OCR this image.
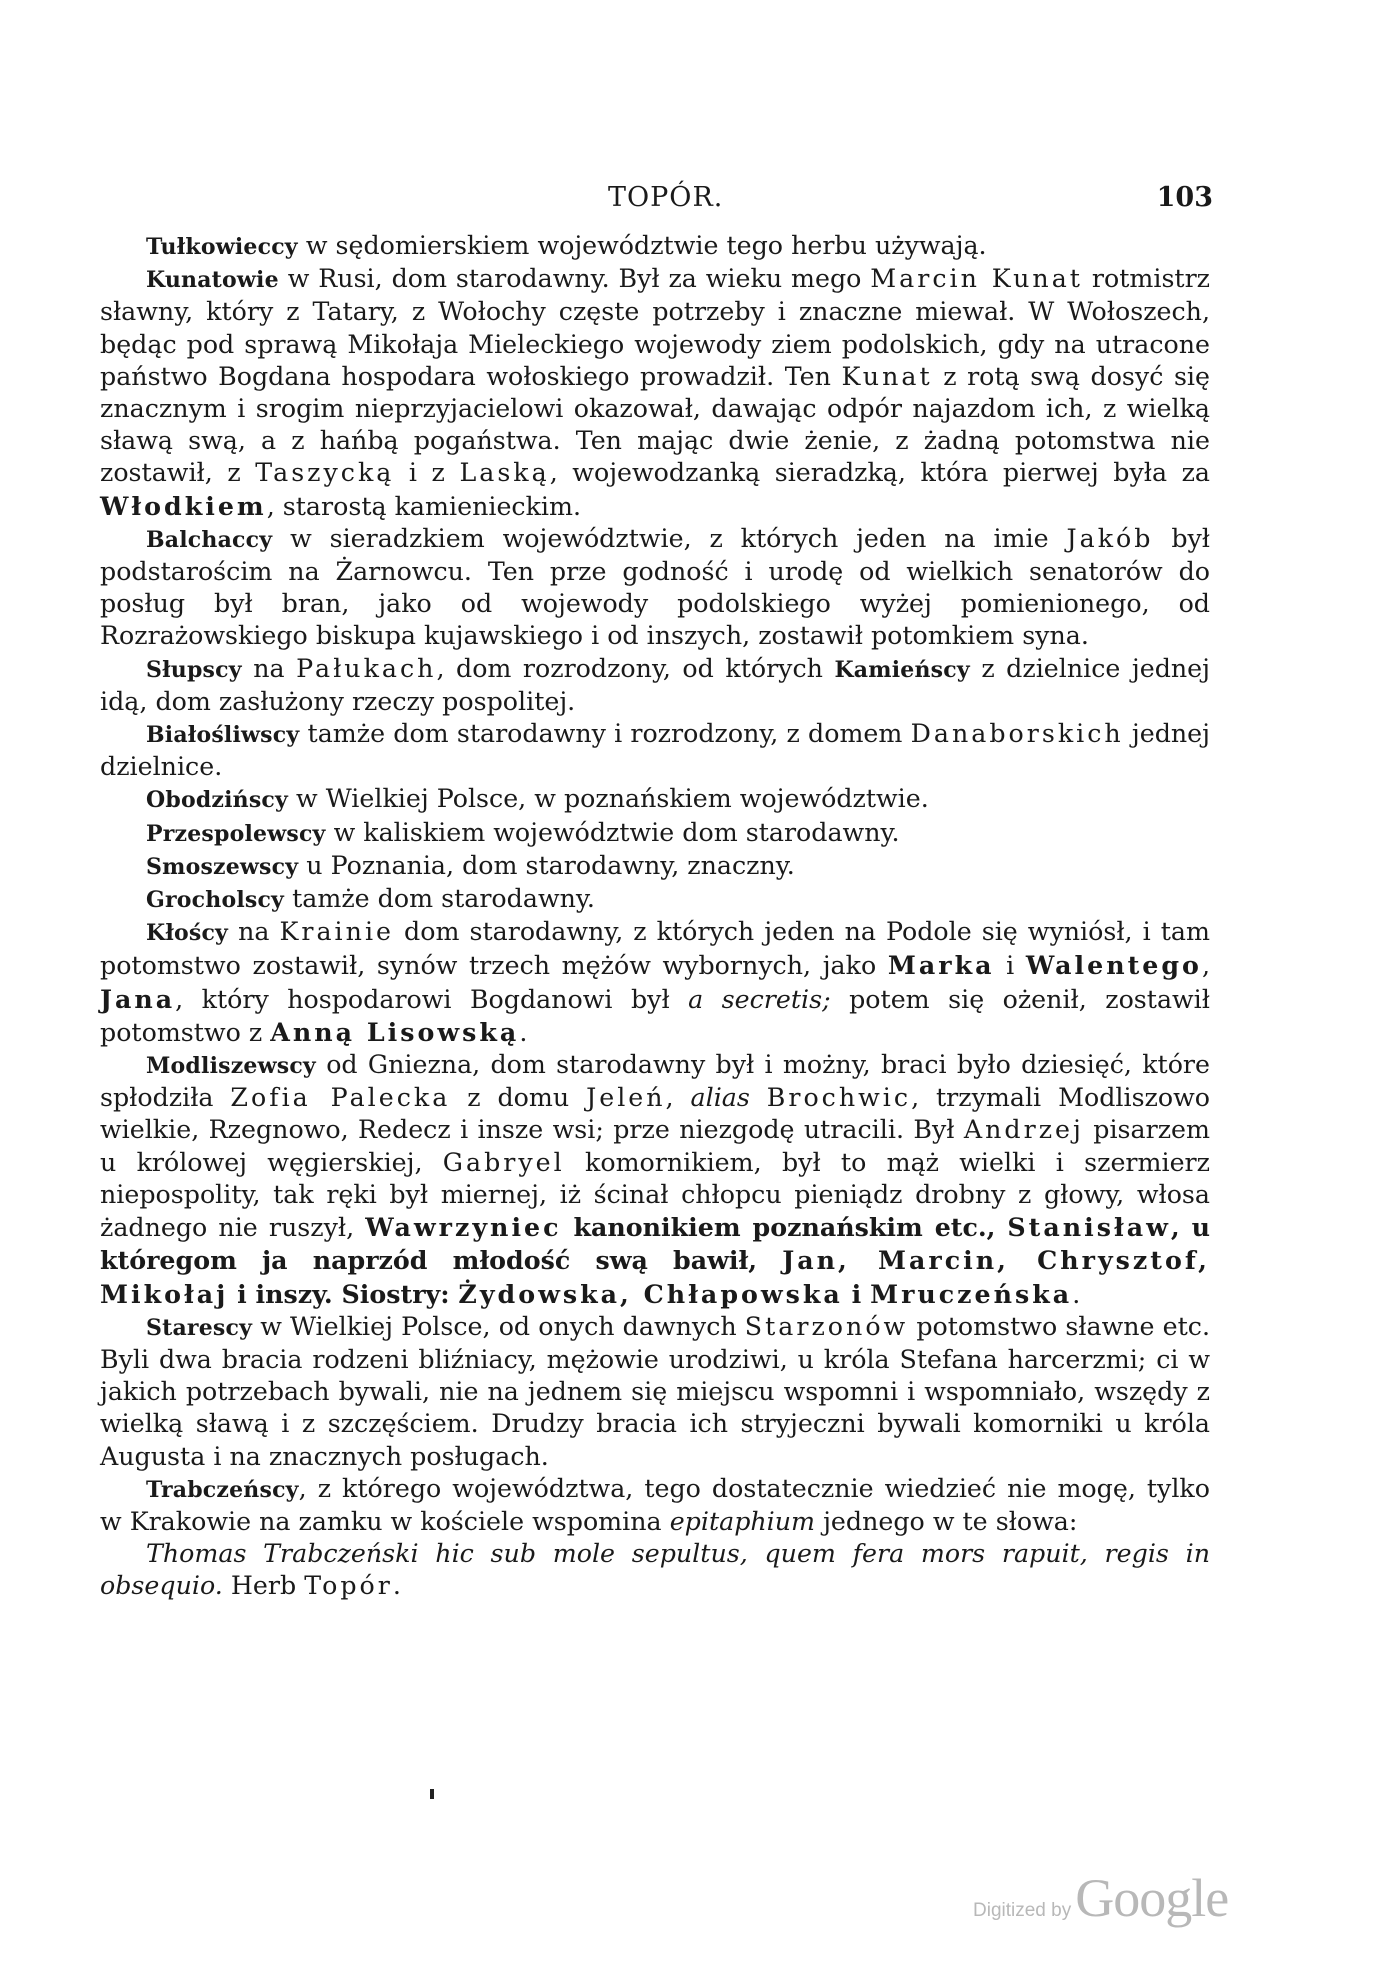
TOPÓR.	103

Tułkowieccy w sędomierskiem województwie tego herbu używają.

Kunatowie w Rusi, dom starodawny. Był za wieku mego Marcin Kunat rotmistrz sławny, który z Tatary, z Wołochy częste potrzeby i znaczne miewał. W Wołoszech, będąc pod sprawą Mikołaja Mieleckiego wojewody ziem podolskich, gdy na utracone państwo Bogdana hospodara wołoskiego prowadził. Ten Kunat z rotą swą dosyć się znacznym i srogim nieprzyjacielowi okazował, dawając odpór najazdom ich, z wielką sławą swą, a z hańbą pogaństwa. Ten mając dwie żenie, z żadną potomstwa nie zostawił, z Taszycką i z Laską, wojewodzanką sieradzką, która pierwej była za Włodkiem, starostą kamienieckim.

Balchaccy w sieradzkiem województwie, z których jeden na imie Jakób był podstarościm na Żarnowcu. Ten prze godność i urodę od wielkich senatorów do posług był bran, jako od wojewody podolskiego wyżej pomienionego, od Rozrażowskiego biskupa kujawskiego i od inszych, zostawił potomkiem syna.

Słupscy na Pałukach, dom rozrodzony, od których Kamieńscy z dzielnice jednej idą, dom zasłużony rzeczy pospolitej.

Białośliwscy tamże dom starodawny i rozrodzony, z domem Danaborskich jednej dzielnice.

Obodzińscy w Wielkiej Polsce, w poznańskiem województwie.

Przespolewscy w kaliskiem województwie dom starodawny.

Smoszewscy u Poznania, dom starodawny, znaczny.

Grocholscy tamże dom starodawny.

Kłoścy na Krainie dom starodawny, z których jeden na Podole się wyniósł, i tam potomstwo zostawił, synów trzech mężów wybornych, jako Marka i Walentego, Jana, który hospodarowi Bogdanowi był a secretis; potem się ożenił, zostawił potomstwo z Anną Lisowską.

Modliszewscy od Gniezna, dom starodawny był i możny, braci było dziesięć, które spłodziła Zofia Palecka z domu Jeleń, alias Brochwic, trzymali Modliszowo wielkie, Rzegnowo, Redecz i insze wsi; prze niezgodę utracili. Był Andrzej pisarzem u królowej węgierskiej, Gabryel komornikiem, był to mąż wielki i szermierz niepospolity, tak ręki był miernej, iż ścinał chłopcu pieniądz drobny z głowy, włosa żadnego nie ruszył, Wawrzyniec kanonikiem poznańskim etc., Stanisław, u któregom ja naprzód młodość swą bawił, Jan, Marcin, Chrysztof, Mikołaj i inszy. Siostry: Żydowska, Chłapowska i Mruczeńska.

Starescy w Wielkiej Polsce, od onych dawnych Starzonów potomstwo sławne etc. Byli dwa bracia rodzeni bliźniacy, mężowie urodziwi, u króla Stefana harcerzmi; ci w jakich potrzebach bywali, nie na jednem się miejscu wspomni i wspomniało, wszędy z wielką sławą i z szczęściem. Drudzy bracia ich stryjeczni bywali komorniki u króla Augusta i na znacznych posługach.

Trabczeńscy, z którego województwa, tego dostatecznie wiedzieć nie mogę, tylko w Krakowie na zamku w kościele wspomina epitaphium jednego w te słowa:

Thomas Trabczeński hic sub mole sepultus, quem fera mors rapuit, regis in obsequio. Herb Topór.

Digitized by Google
